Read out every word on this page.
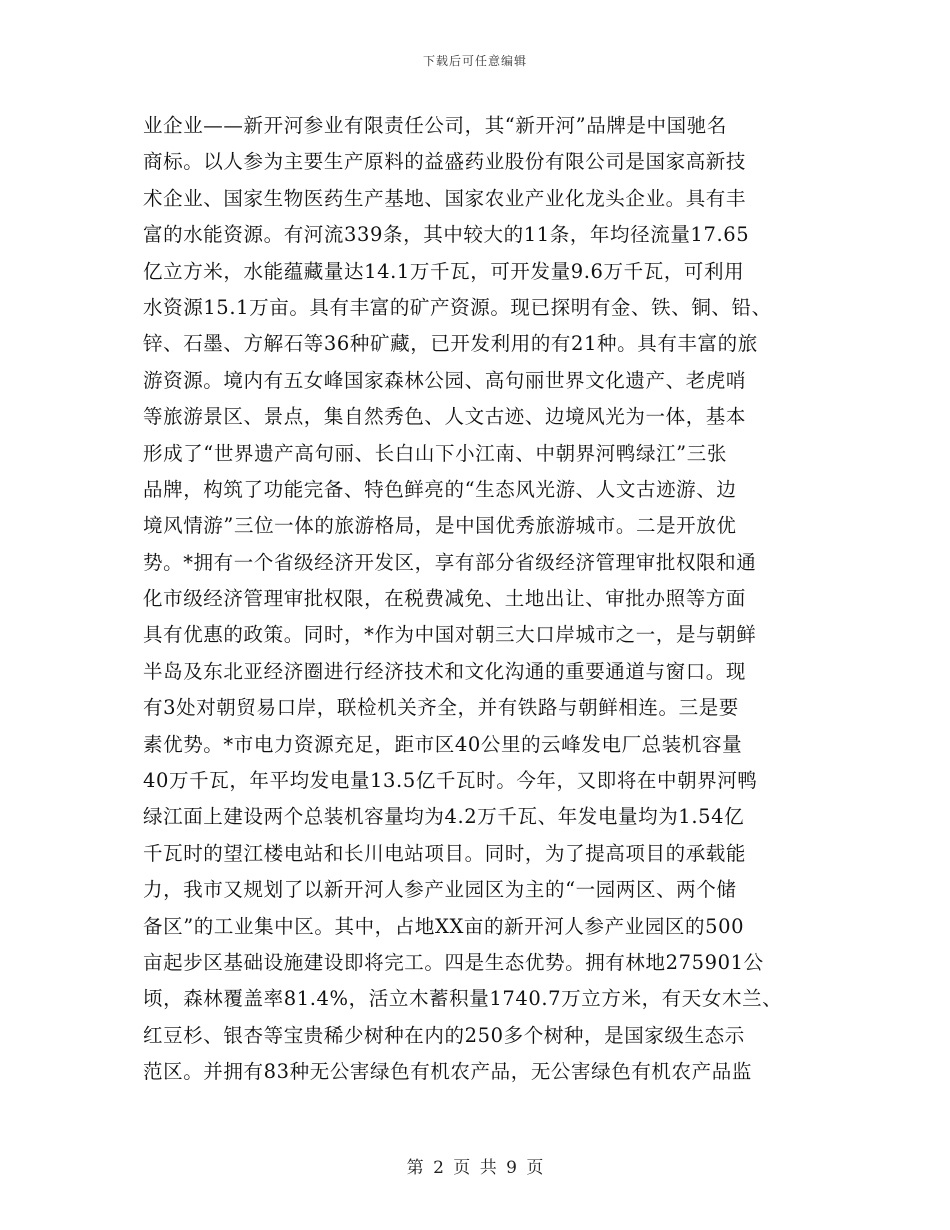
下载后可任意编辑
业企业——新开河参业有限责任公司，其“新开河”品牌是中国驰名
商标。以人参为主要生产原料的益盛药业股份有限公司是国家高新技
术企业、国家生物医药生产基地、国家农业产业化龙头企业。具有丰
富的水能资源。有河流339条，其中较大的11条，年均径流量17.65
亿立方米，水能蕴藏量达14.1万千瓦，可开发量9.6万千瓦，可利用
水资源15.1万亩。具有丰富的矿产资源。现已探明有金、铁、铜、铅、
锌、石墨、方解石等36种矿藏，已开发利用的有21种。具有丰富的旅
游资源。境内有五女峰国家森林公园、高句丽世界文化遗产、老虎哨
等旅游景区、景点，集自然秀色、人文古迹、边境风光为一体，基本
形成了“世界遗产高句丽、长白山下小江南、中朝界河鸭绿江”三张
品牌，构筑了功能完备、特色鲜亮的“生态风光游、人文古迹游、边
境风情游”三位一体的旅游格局，是中国优秀旅游城市。二是开放优
势。*拥有一个省级经济开发区，享有部分省级经济管理审批权限和通
化市级经济管理审批权限，在税费减免、土地出让、审批办照等方面
具有优惠的政策。同时，*作为中国对朝三大口岸城市之一，是与朝鲜
半岛及东北亚经济圈进行经济技术和文化沟通的重要通道与窗口。现
有3处对朝贸易口岸，联检机关齐全，并有铁路与朝鲜相连。三是要
素优势。*市电力资源充足，距市区40公里的云峰发电厂总装机容量
40万千瓦，年平均发电量13.5亿千瓦时。今年，又即将在中朝界河鸭
绿江面上建设两个总装机容量均为4.2万千瓦、年发电量均为1.54亿
千瓦时的望江楼电站和长川电站项目。同时，为了提高项目的承载能
力，我市又规划了以新开河人参产业园区为主的“一园两区、两个储
备区”的工业集中区。其中，占地XX亩的新开河人参产业园区的500
亩起步区基础设施建设即将完工。四是生态优势。拥有林地275901公
顷，森林覆盖率81.4%，活立木蓄积量1740.7万立方米，有天女木兰、
红豆杉、银杏等宝贵稀少树种在内的250多个树种，是国家级生态示
范区。并拥有83种无公害绿色有机农产品，无公害绿色有机农产品监
第 2 页 共 9 页
